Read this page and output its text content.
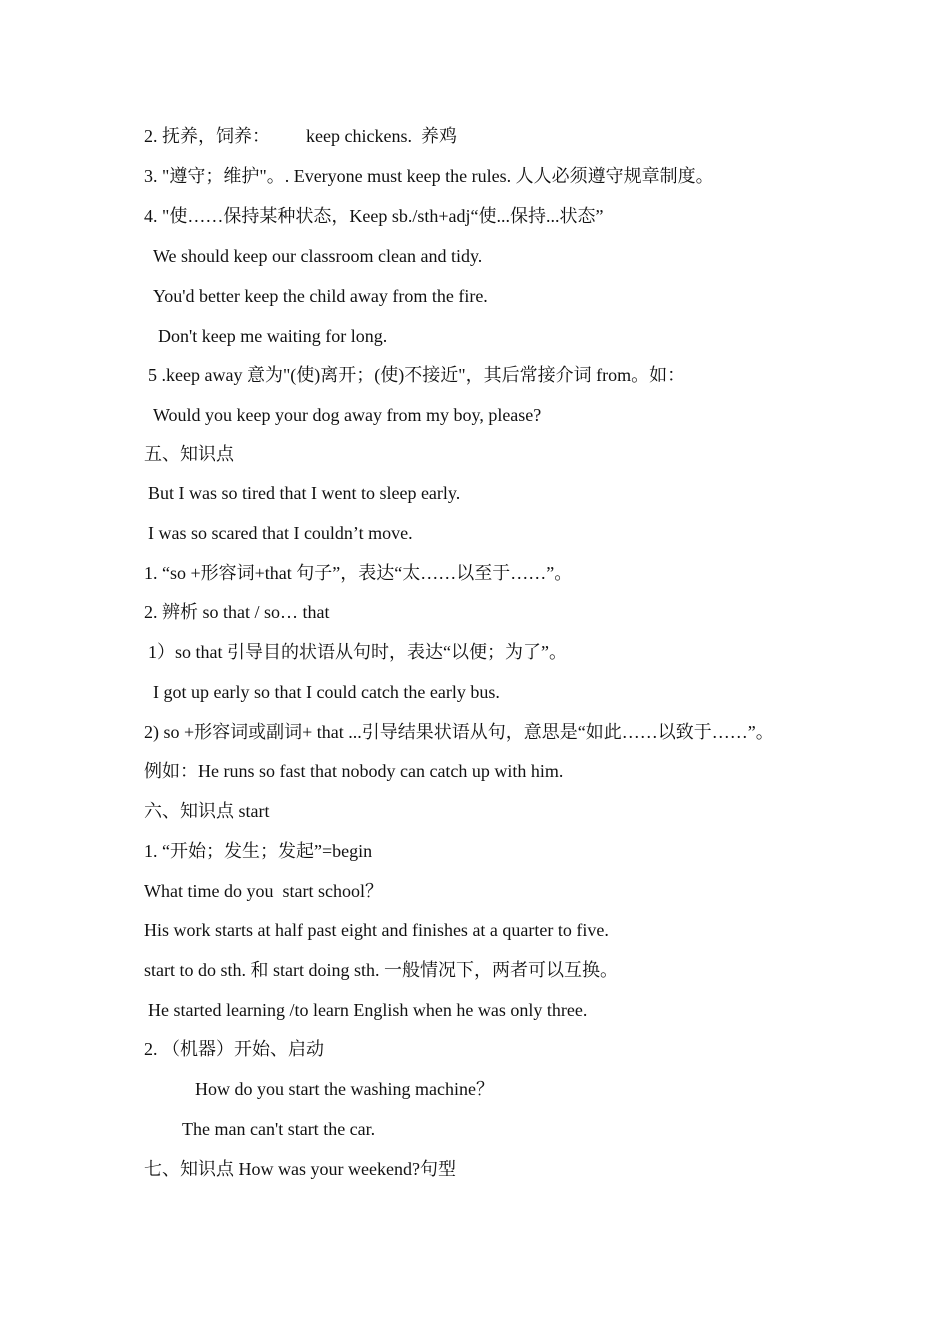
2. 抚养，饲养：        keep chickens.  养鸡
3. "遵守；维护"。. Everyone must keep the rules. 人人必须遵守规章制度。
4. "使……保持某种状态，Keep sb./sth+adj“使...保持...状态”
We should keep our classroom clean and tidy.
You'd better keep the child away from the fire.
Don't keep me waiting for long.
5 .keep away 意为"(使)离开；(使)不接近"，其后常接介词 from。如：
Would you keep your dog away from my boy, please?
五、知识点
But I was so tired that I went to sleep early.
I was so scared that I couldn’t move.
1. “so +形容词+that 句子”，表达“太……以至于……”。
2. 辨析 so that / so… that
1）so that 引导目的状语从句时，表达“以便；为了”。
I got up early so that I could catch the early bus.
2) so +形容词或副词+ that ...引导结果状语从句，意思是“如此……以致于……”。
例如：He runs so fast that nobody can catch up with him.
六、知识点 start
1. “开始；发生；发起”=begin
What time do you  start school？
His work starts at half past eight and finishes at a quarter to five.
start to do sth. 和 start doing sth. 一般情况下，两者可以互换。
He started learning /to learn English when he was only three.
2. （机器）开始、启动
How do you start the washing machine？
The man can't start the car.
七、知识点 How was your weekend?句型
